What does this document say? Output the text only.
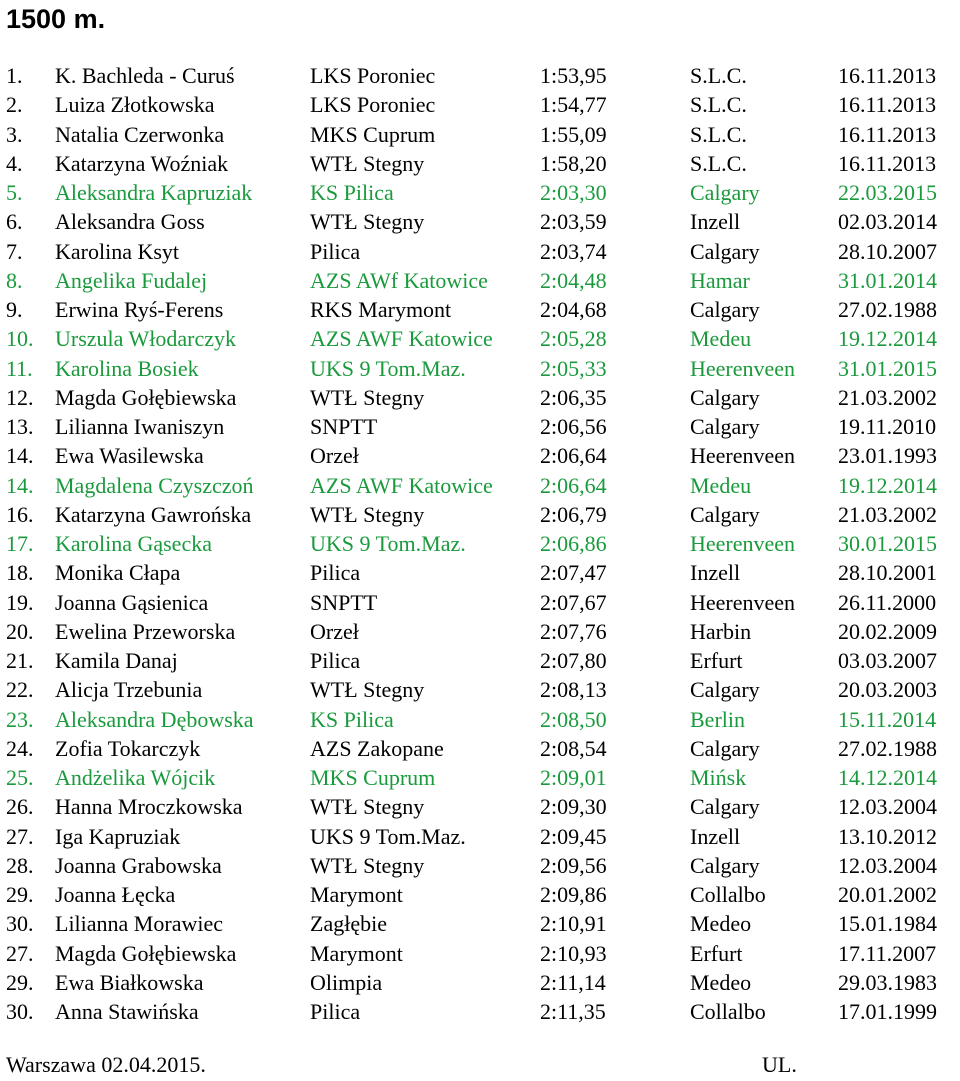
1500 m.
1. K. Bachleda - Curuś	LKS Poroniec	1:53,95	S.L.C.	16.11.2013
2. Luiza Złotkowska	LKS Poroniec	1:54,77	S.L.C.	16.11.2013
3. Natalia Czerwonka	MKS Cuprum	1:55,09	S.L.C.	16.11.2013
4. Katarzyna Woźniak	WTŁ Stegny	1:58,20	S.L.C.	16.11.2013
5. Aleksandra Kapruziak	KS Pilica	2:03,30	Calgary	22.03.2015
6. Aleksandra Goss	WTŁ Stegny	2:03,59	Inzell	02.03.2014
7. Karolina Ksyt	Pilica	2:03,74	Calgary	28.10.2007
8. Angelika Fudalej	AZS AWf Katowice 2:04,48	Hamar	31.01.2014
9. Erwina Ryś-Ferens	RKS Marymont	2:04,68	Calgary	27.02.1988
10. Urszula Włodarczyk	AZS AWF Katowice 2:05,28	Medeu	19.12.2014
11. Karolina Bosiek	UKS 9 Tom.Maz.	2:05,33	Heerenveen 31.01.2015
12. Magda Gołębiewska	WTŁ Stegny	2:06,35	Calgary	21.03.2002
13. Lilianna Iwaniszyn	SNPTT	2:06,56	Calgary	19.11.2010
14. Ewa Wasilewska	Orzeł	2:06,64	Heerenveen 23.01.1993
14. Magdalena Czyszczoń	AZS AWF Katowice 2:06,64	Medeu	19.12.2014
16. Katarzyna Gawrońska	WTŁ Stegny	2:06,79	Calgary	21.03.2002
17. Karolina Gąsecka	UKS 9 Tom.Maz.	2:06,86	Heerenveen 30.01.2015
18. Monika Cłapa	Pilica	2:07,47	Inzell	28.10.2001
19. Joanna Gąsienica	SNPTT	2:07,67	Heerenveen 26.11.2000
20. Ewelina Przeworska	Orzeł	2:07,76	Harbin	20.02.2009
21. Kamila Danaj	Pilica	2:07,80	Erfurt	03.03.2007
22. Alicja Trzebunia	WTŁ Stegny	2:08,13	Calgary	20.03.2003
23. Aleksandra Dębowska	KS Pilica	2:08,50	Berlin	15.11.2014
24. Zofia Tokarczyk	AZS Zakopane	2:08,54	Calgary	27.02.1988
25. Andżelika Wójcik	MKS Cuprum	2:09,01	Mińsk	14.12.2014
26. Hanna Mroczkowska	WTŁ Stegny	2:09,30	Calgary	12.03.2004
27. Iga Kapruziak	UKS 9 Tom.Maz.	2:09,45	Inzell	13.10.2012
28. Joanna Grabowska	WTŁ Stegny	2:09,56	Calgary	12.03.2004
29. Joanna Łęcka	Marymont	2:09,86	Collalbo	20.01.2002
30. Lilianna Morawiec	Zagłębie	2:10,91	Medeo	15.01.1984
27. Magda Gołębiewska	Marymont	2:10,93	Erfurt	17.11.2007
29. Ewa Białkowska	Olimpia	2:11,14	Medeo	29.03.1983
30. Anna Stawińska	Pilica	2:11,35	Collalbo	17.01.1999
Warszawa 02.04.2015.	UL.
